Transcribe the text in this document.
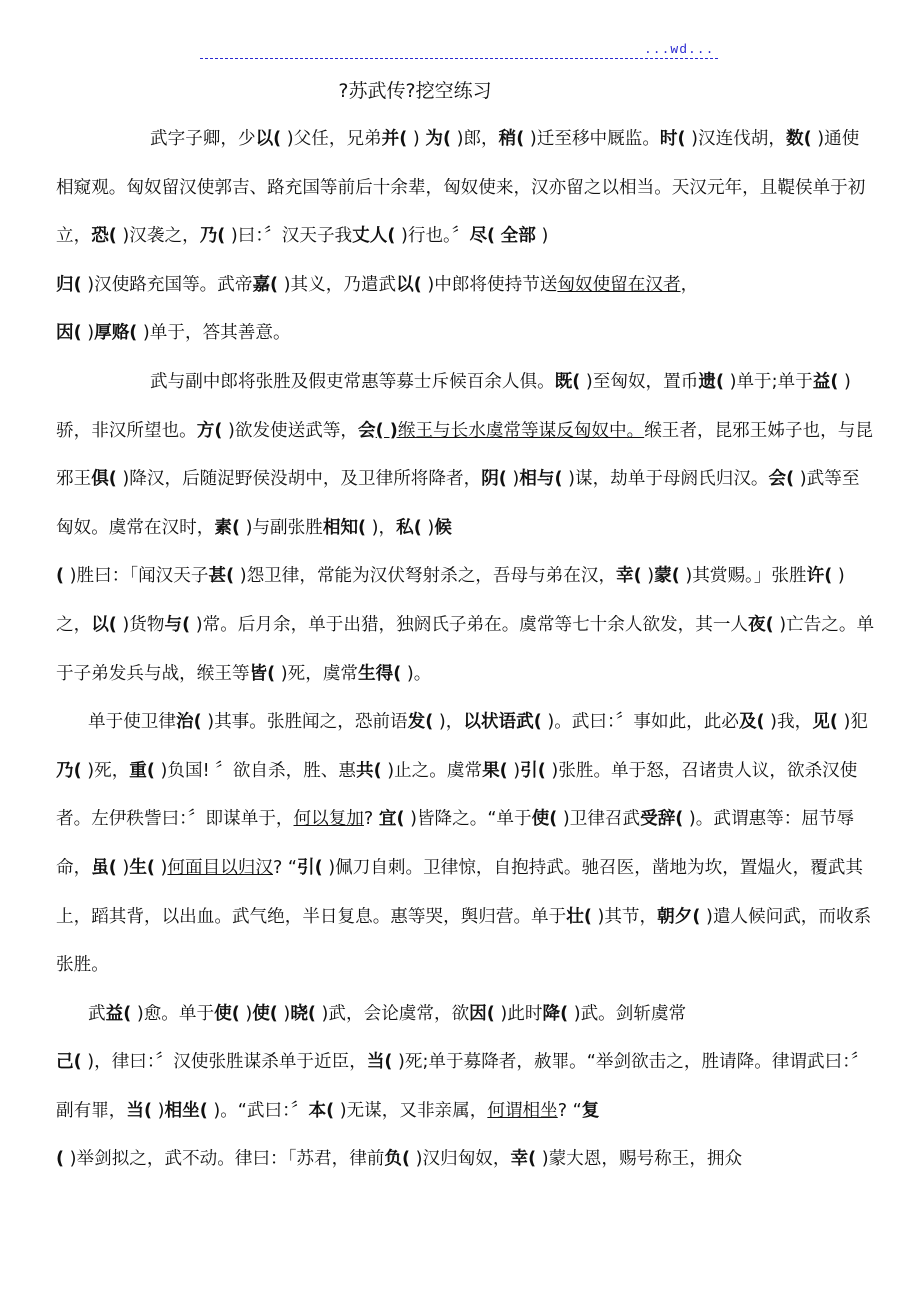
...wd...
?苏武传?挖空练习

武字子卿，少以( )父任，兄弟并( ) 为( )郎，稍( )迁至移中厩监。时( )汉连伐胡，数( )通使相窥观。匈奴留汉使郭吉、路充国等前后十余辈，匈奴使来，汉亦留之以相当。天汉元年，且鞮侯单于初立，恐( )汉袭之，乃( )曰：〞汉天子我丈人( )行也。〞尽( 全部 )
归( )汉使路充国等。武帝嘉( )其义，乃遣武以( )中郎将使持节送匈奴使留在汉者，
因( )厚赂( )单于，答其善意。

武与副中郎将张胜及假吏常惠等募士斥候百余人俱。既( )至匈奴，置币遗( )单于;单于益( )骄，非汉所望也。方( )欲发使送武等，会( )缑王与长水虞常等谋反匈奴中。缑王者，昆邪王姊子也，与昆邪王俱( )降汉，后随浞野侯没胡中，及卫律所将降者，阴( )相与( )谋，劫单于母阏氏归汉。会( )武等至匈奴。虞常在汉时，素( )与副张胜相知( )，私( )候
( )胜曰：「闻汉天子甚( )怨卫律，常能为汉伏弩射杀之，吾母与弟在汉，幸( )蒙( )其赏赐。」张胜许( )之，以( )货物与( )常。后月余，单于出猎，独阏氏子弟在。虞常等七十余人欲发，其一人夜( )亡告之。单于子弟发兵与战，缑王等皆( )死，虞常生得( )。

单于使卫律治( )其事。张胜闻之，恐前语发( )，以状语武( )。武曰：〞事如此，此必及( )我，见( )犯 乃( )死，重( )负国! 〞欲自杀，胜、惠共( )止之。虞常果( )引( )张胜。单于怒，召诸贵人议，欲杀汉使者。左伊秩訾曰：〞即谋单于，何以复加? 宜( )皆降之。“单于使( )卫律召武受辞( )。武谓惠等：屈节辱命，虽( )生( )何面目以归汉? “引( )佩刀自刺。卫律惊，自抱持武。驰召医，凿地为坎，置煴火，覆武其上，蹈其背，以出血。武气绝，半日复息。惠等哭，舆归营。单于壮( )其节，朝夕( )遣人候问武，而收系张胜。

武益( )愈。单于使( )使( )晓( )武，会论虞常，欲因( )此时降( )武。剑斩虞常
己( )，律曰：〞汉使张胜谋杀单于近臣，当( )死;单于募降者，赦罪。“举剑欲击之，胜请降。律谓武曰：〞副有罪，当( )相坐( )。“武曰：〞本( )无谋，又非亲属，何谓相坐? “复
( )举剑拟之，武不动。律曰：「苏君，律前负( )汉归匈奴，幸( )蒙大恩，赐号称王，拥众
